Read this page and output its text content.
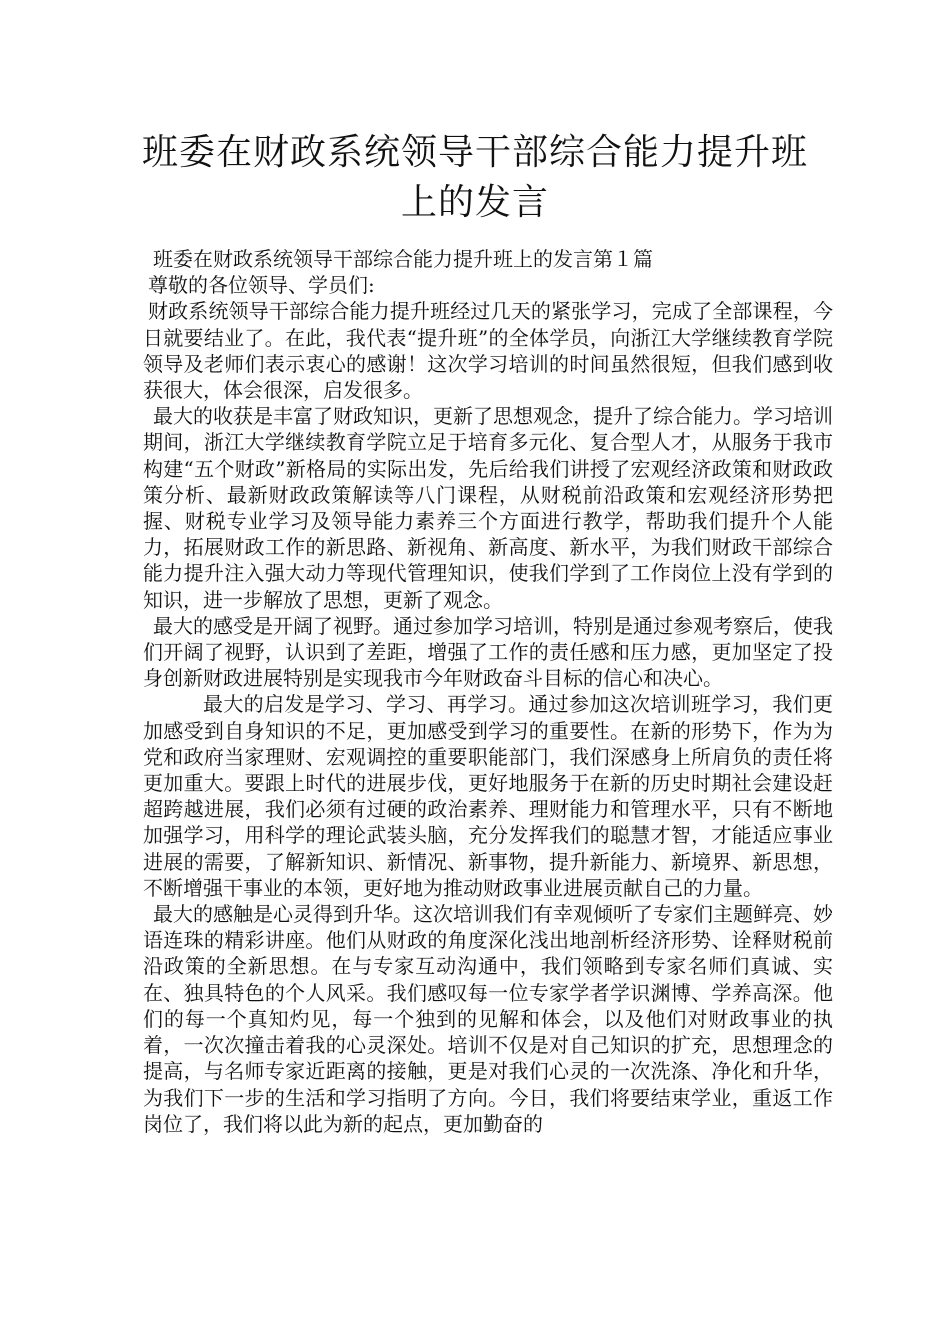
班委在财政系统领导干部综合能力提升班上的发言

班委在财政系统领导干部综合能力提升班上的发言第１篇

尊敬的各位领导、学员们:

财政系统领导干部综合能力提升班经过几天的紧张学习，完成了全部课程，今日就要结业了。在此，我代表“提升班”的全体学员，向浙江大学继续教育学院领导及老师们表示衷心的感谢！这次学习培训的时间虽然很短，但我们感到收获很大，体会很深，启发很多。

最大的收获是丰富了财政知识，更新了思想观念，提升了综合能力。学习培训期间，浙江大学继续教育学院立足于培育多元化、复合型人才，从服务于我市构建“五个财政”新格局的实际出发，先后给我们讲授了宏观经济政策和财政政策分析、最新财政政策解读等八门课程，从财税前沿政策和宏观经济形势把握、财税专业学习及领导能力素养三个方面进行教学，帮助我们提升个人能力，拓展财政工作的新思路、新视角、新高度、新水平，为我们财政干部综合能力提升注入强大动力等现代管理知识，使我们学到了工作岗位上没有学到的知识，进一步解放了思想，更新了观念。

最大的感受是开阔了视野。通过参加学习培训，特别是通过参观考察后，使我们开阔了视野，认识到了差距，增强了工作的责任感和压力感，更加坚定了投身创新财政进展特别是实现我市今年财政奋斗目标的信心和决心。

最大的启发是学习、学习、再学习。通过参加这次培训班学习，我们更加感受到自身知识的不足，更加感受到学习的重要性。在新的形势下，作为为党和政府当家理财、宏观调控的重要职能部门，我们深感身上所肩负的责任将更加重大。要跟上时代的进展步伐，更好地服务于在新的历史时期社会建设赶超跨越进展，我们必须有过硬的政治素养、理财能力和管理水平，只有不断地加强学习，用科学的理论武装头脑，充分发挥我们的聪慧才智，才能适应事业进展的需要，了解新知识、新情况、新事物，提升新能力、新境界、新思想，不断增强干事业的本领，更好地为推动财政事业进展贡献自己的力量。

最大的感触是心灵得到升华。这次培训我们有幸观倾听了专家们主题鲜亮、妙语连珠的精彩讲座。他们从财政的角度深化浅出地剖析经济形势、诠释财税前沿政策的全新思想。在与专家互动沟通中，我们领略到专家名师们真诚、实在、独具特色的个人风采。我们感叹每一位专家学者学识渊博、学养高深。他们的每一个真知灼见，每一个独到的见解和体会，以及他们对财政事业的执着，一次次撞击着我的心灵深处。培训不仅是对自己知识的扩充，思想理念的提高，与名师专家近距离的接触，更是对我们心灵的一次洗涤、净化和升华，为我们下一步的生活和学习指明了方向。今日，我们将要结束学业，重返工作岗位了，我们将以此为新的起点，更加勤奋的
